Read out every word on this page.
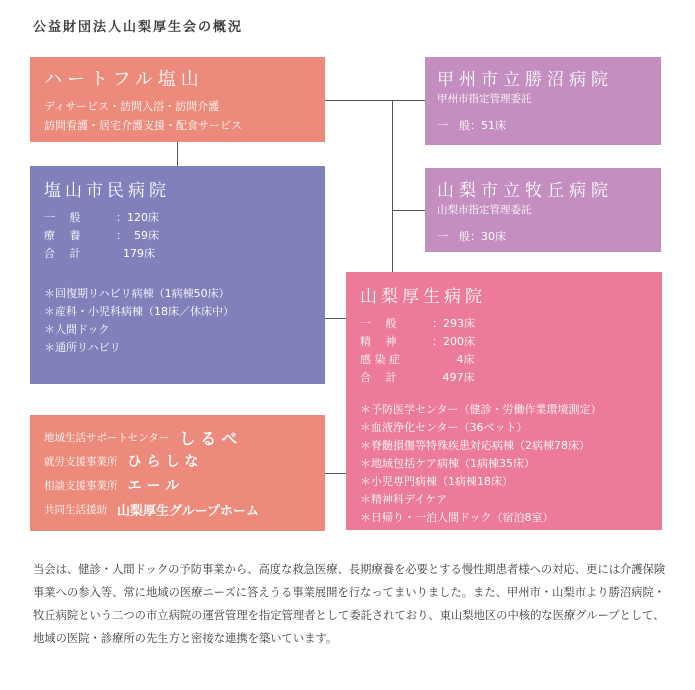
公益財団法人山梨厚生会の概況
ハートフル塩山
ディサービス・訪問入浴・訪問介護
訪問看護・居宅介護支援・配食サービス
甲州市立勝沼病院
甲州市指定管理委託
一　般：51床
山梨市立牧丘病院
山梨市指定管理委託
一　般：30床
塩山市民病院
一　 般	：120床
療　 養	：  59床
合　 計	179床
＊回復期リハビリ病棟（1病棟50床）
＊産科・小児科病棟（18床／休床中）
＊人間ドック
＊通所リハビリ
山梨厚生病院
一　 般	：293床
精　 神	：200床
感 染 症	4床
合　 計	497床
＊予防医学センター（健診・労働作業環境測定）
＊血液浄化センター（36ベット）
＊脊髄損傷等特殊疾患対応病棟（2病棟78床）
＊地域包括ケア病棟（1病棟35床）
＊小児専門病棟（1病棟18床）
＊精神科デイケア
＊日帰り・一泊人間ドック（宿泊8室）
地域生活サポートセンター しるべ
就労支援事業所 ひらしな
相談支援事業所 エール
共同生活援助 山梨厚生グループホーム
当会は、健診・人間ドックの予防事業から、高度な救急医療、長期療養を必要とする慢性期患者様への対応、更には介護保険事業への参入等、常に地域の医療ニーズに答えうる事業展開を行なってまいりました。また、甲州市・山梨市より勝沼病院・牧丘病院という二つの市立病院の運営管理を指定管理者として委託されており、東山梨地区の中核的な医療グループとして、地域の医院・診療所の先生方と密接な連携を築いています。
